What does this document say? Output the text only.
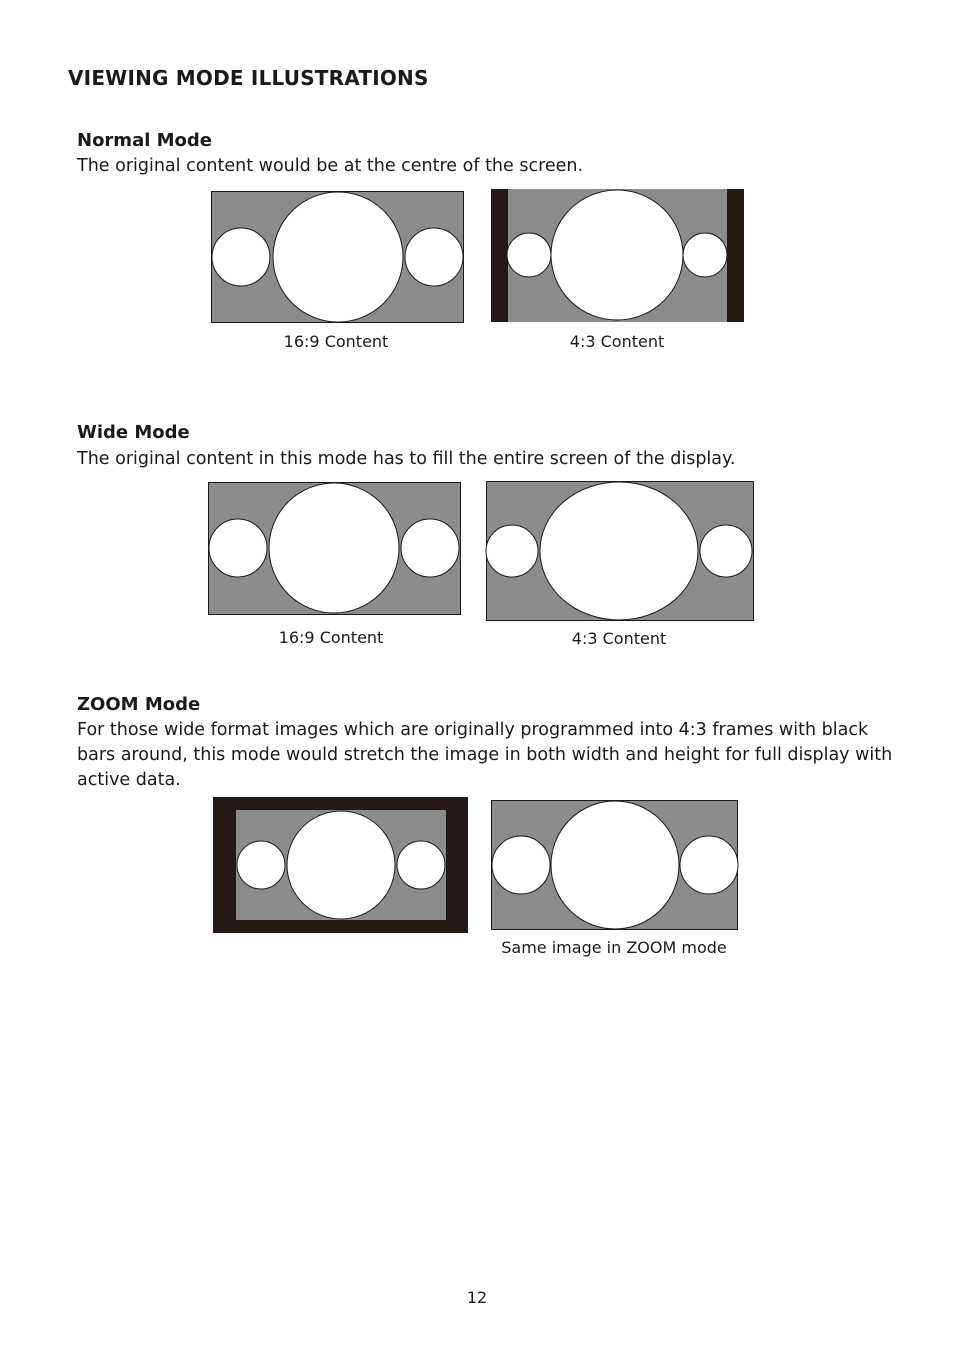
VIEWING MODE ILLUSTRATIONS
Normal Mode
The original content would be at the centre of the screen.
16:9 Content	4:3 Content
Wide Mode
The original content in this mode has to fill the entire screen of the display.
16:9 Content	4:3 Content
ZOOM Mode
For those wide format images which are originally programmed into 4:3 frames with black
bars around, this mode would stretch the image in both width and height for full display with
active data.
Same image in ZOOM mode
12
